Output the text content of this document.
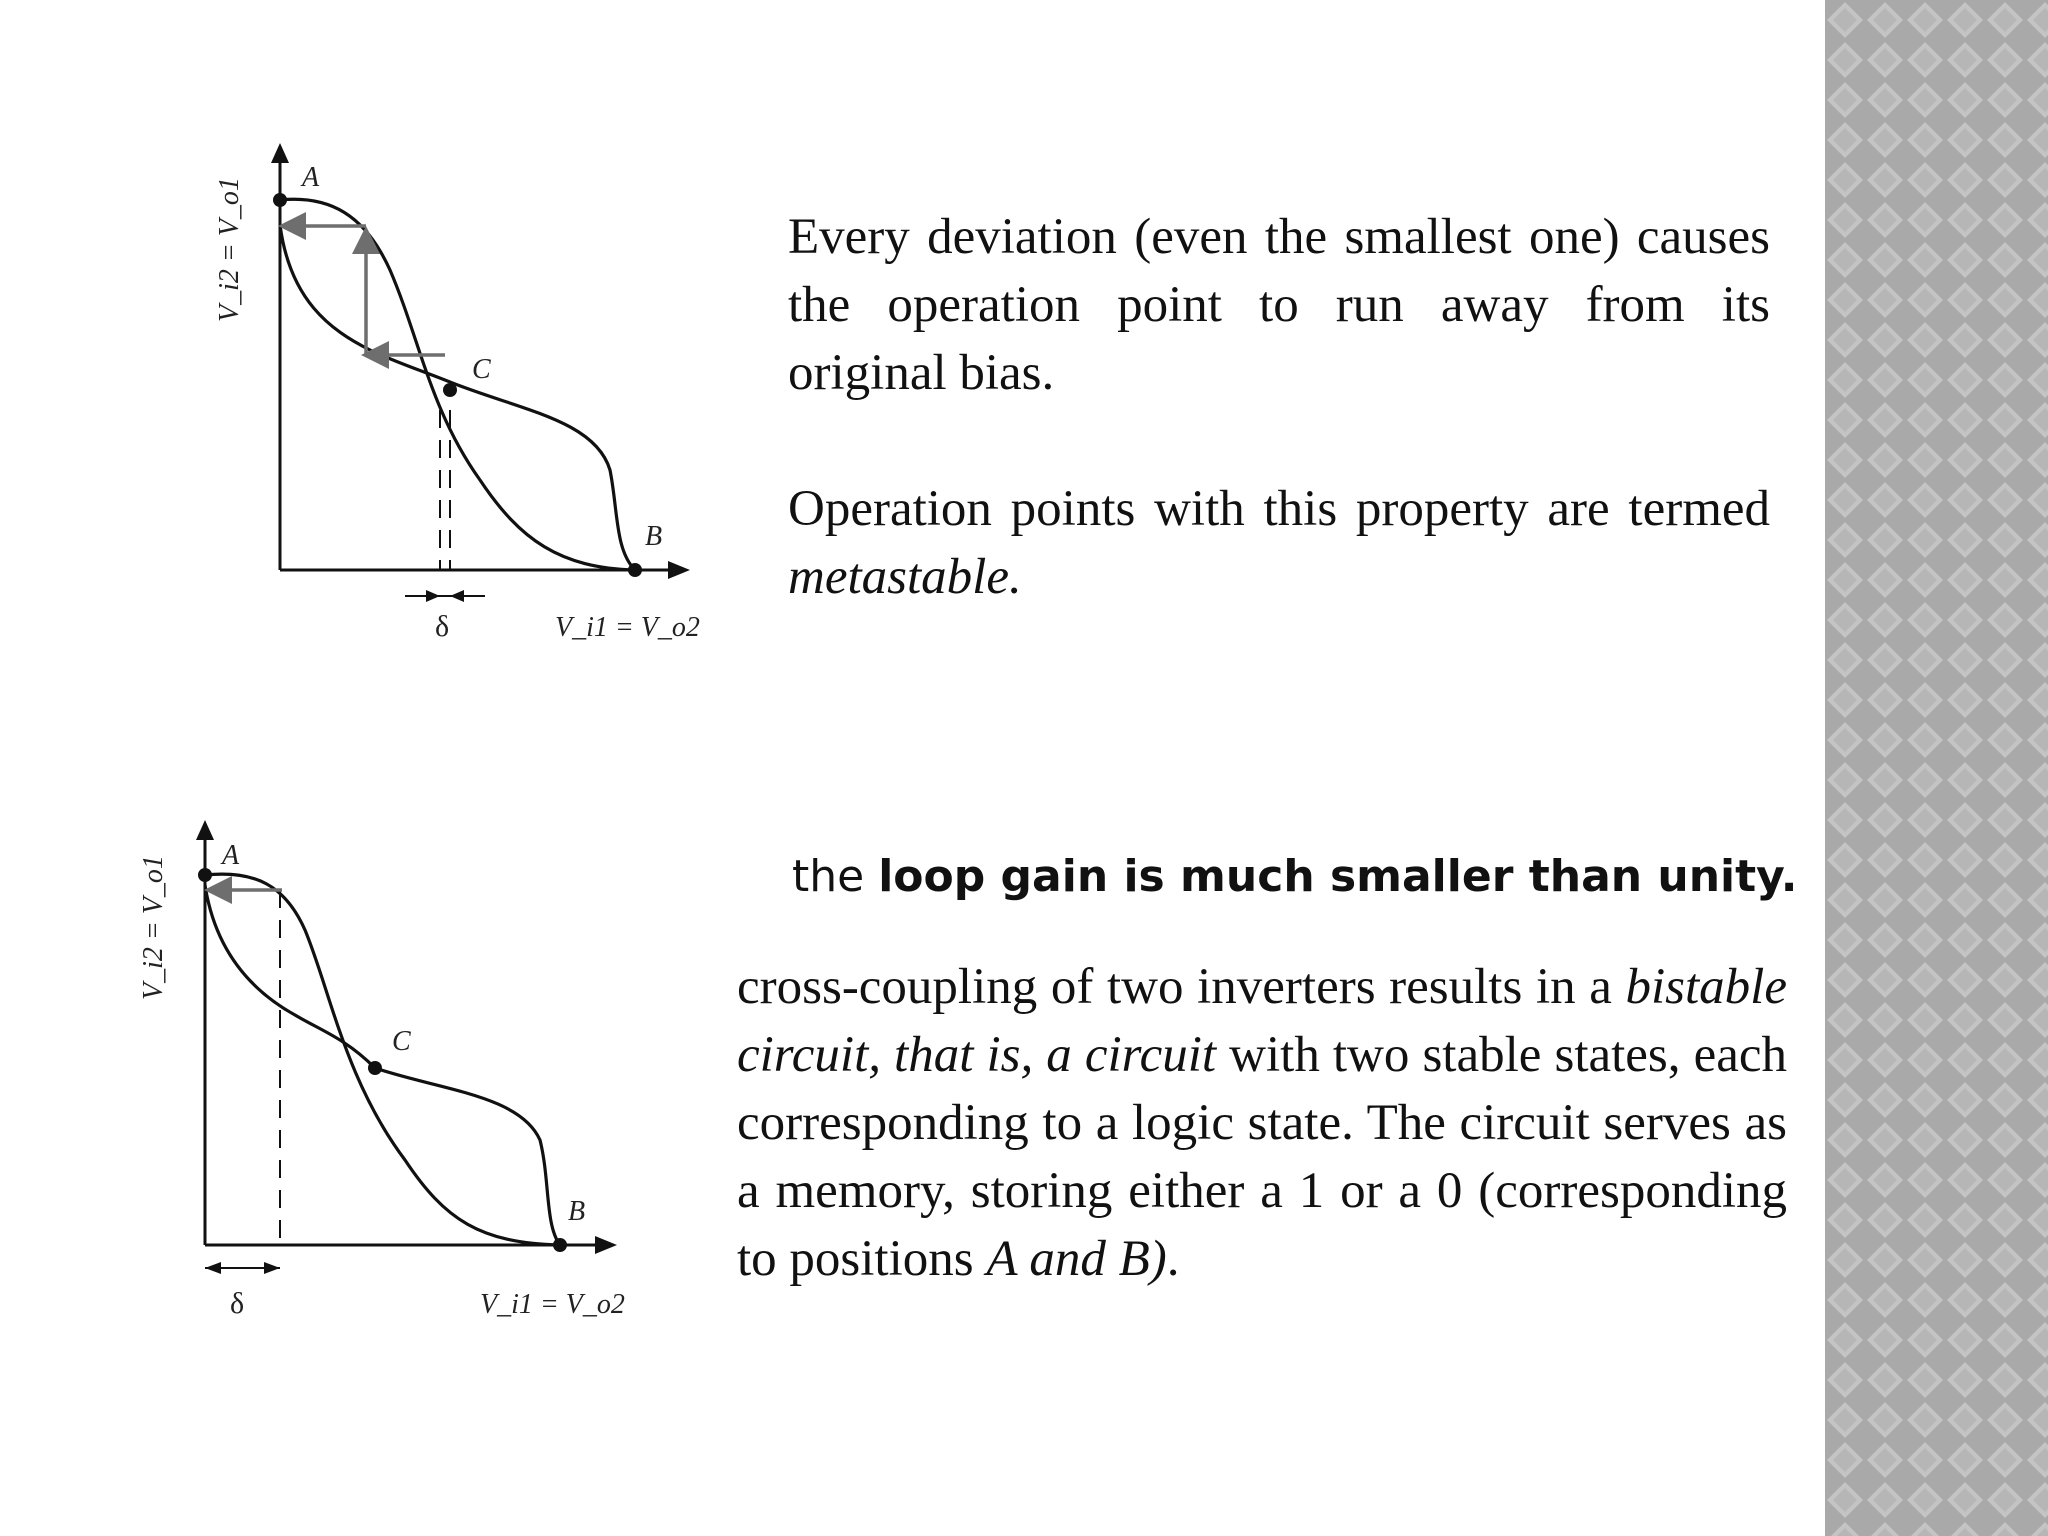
A
C
B
δ	V_i1 = V_o2
V_i2 = V_o1
A
C
B
δ	V_i1 = V_o2
V_i2 = V_o1

Every deviation (even the smallest one) causes the operation point to run away from its original bias.

Operation points with this property are termed metastable.

the loop gain is much smaller than unity.

cross-coupling of two inverters results in a bistable circuit, that is, a circuit with two stable states, each corresponding to a logic state. The circuit serves as a memory, storing either a 1 or a 0 (corresponding to positions A and B).
